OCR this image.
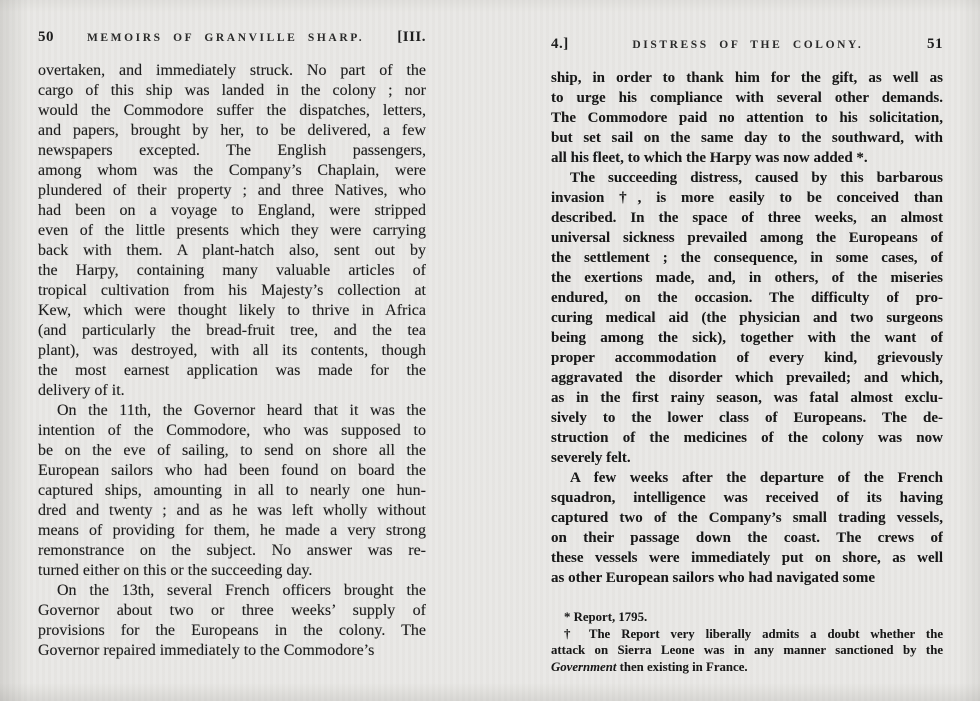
50	MEMOIRS OF GRANVILLE SHARP. [III.
overtaken, and immediately struck. No part of the
cargo of this ship was landed in the colony ; nor
would the Commodore suffer the dispatches, letters,
and papers, brought by her, to be delivered, a few
newspapers excepted. The English passengers,
among whom was the Company’s Chaplain, were
plundered of their property ; and three Natives, who
had been on a voyage to England, were stripped
even of the little presents which they were carrying
back with them. A plant-hatch also, sent out by
the Harpy, containing many valuable articles of
tropical cultivation from his Majesty’s collection at
Kew, which were thought likely to thrive in Africa
(and particularly the bread-fruit tree, and the tea
plant), was destroyed, with all its contents, though
the most earnest application was made for the
delivery of it.
On the 11th, the Governor heard that it was the
intention of the Commodore, who was supposed to
be on the eve of sailing, to send on shore all the
European sailors who had been found on board the
captured ships, amounting in all to nearly one hun-
dred and twenty ; and as he was left wholly without
means of providing for them, he made a very strong
remonstrance on the subject. No answer was re-
turned either on this or the succeeding day.
On the 13th, several French officers brought the
Governor about two or three weeks’ supply of
provisions for the Europeans in the colony. The
Governor repaired immediately to the Commodore’s
4.]	DISTRESS OF THE COLONY.	51
ship, in order to thank him for the gift, as well as
to urge his compliance with several other demands.
The Commodore paid no attention to his solicitation,
but set sail on the same day to the southward, with
all his fleet, to which the Harpy was now added *.
The succeeding distress, caused by this barbarous
invasion †, is more easily to be conceived than
described. In the space of three weeks, an almost
universal sickness prevailed among the Europeans of
the settlement ; the consequence, in some cases, of
the exertions made, and, in others, of the miseries
endured, on the occasion. The difficulty of pro-
curing medical aid (the physician and two surgeons
being among the sick), together with the want of
proper accommodation of every kind, grievously
aggravated the disorder which prevailed; and which,
as in the first rainy season, was fatal almost exclu-
sively to the lower class of Europeans. The de-
struction of the medicines of the colony was now
severely felt.
A few weeks after the departure of the French
squadron, intelligence was received of its having
captured two of the Company’s small trading vessels,
on their passage down the coast. The crews of
these vessels were immediately put on shore, as well
as other European sailors who had navigated some
* Report, 1795.
† The Report very liberally admits a doubt whether the
attack on Sierra Leone was in any manner sanctioned by the
Government then existing in France.
